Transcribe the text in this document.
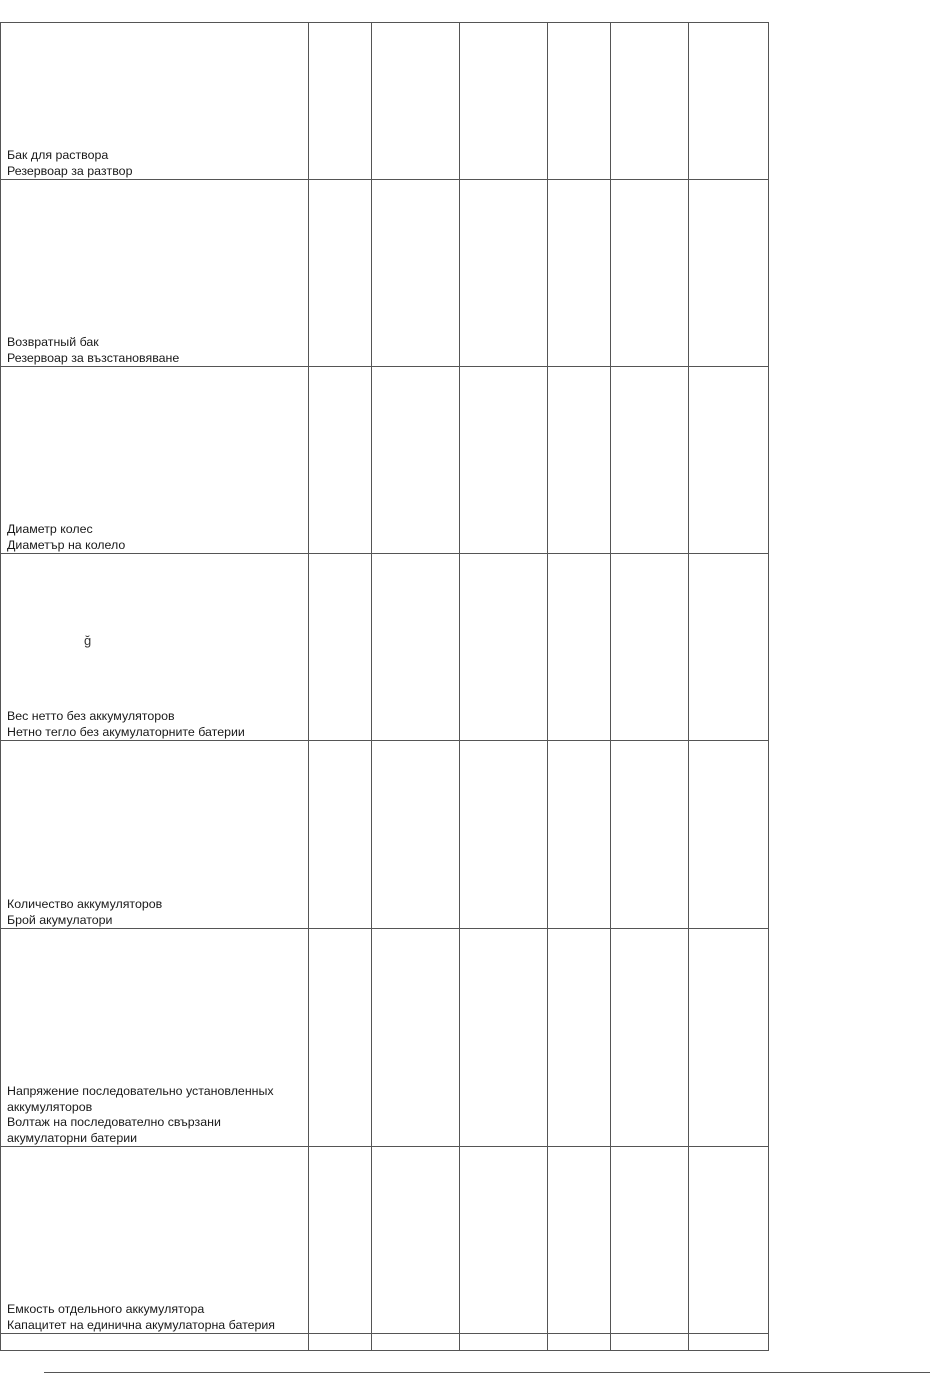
Бак для раствора
Резервоар за разтвор						

Возвратный бак
Резервоар за възстановяване						

Диаметр колес
Диаметър на колело						

Вес нетто без аккумуляторов
Нетно тегло без акумулаторните батерии						

Количество аккумуляторов
Брой акумулатори						

Напряжение последовательно установленных
аккумуляторов
Волтаж на последователно свързани
акумулаторни батерии						

Емкость отдельного аккумулятора
Капацитет на единична акумулаторна батерия						

ğ
